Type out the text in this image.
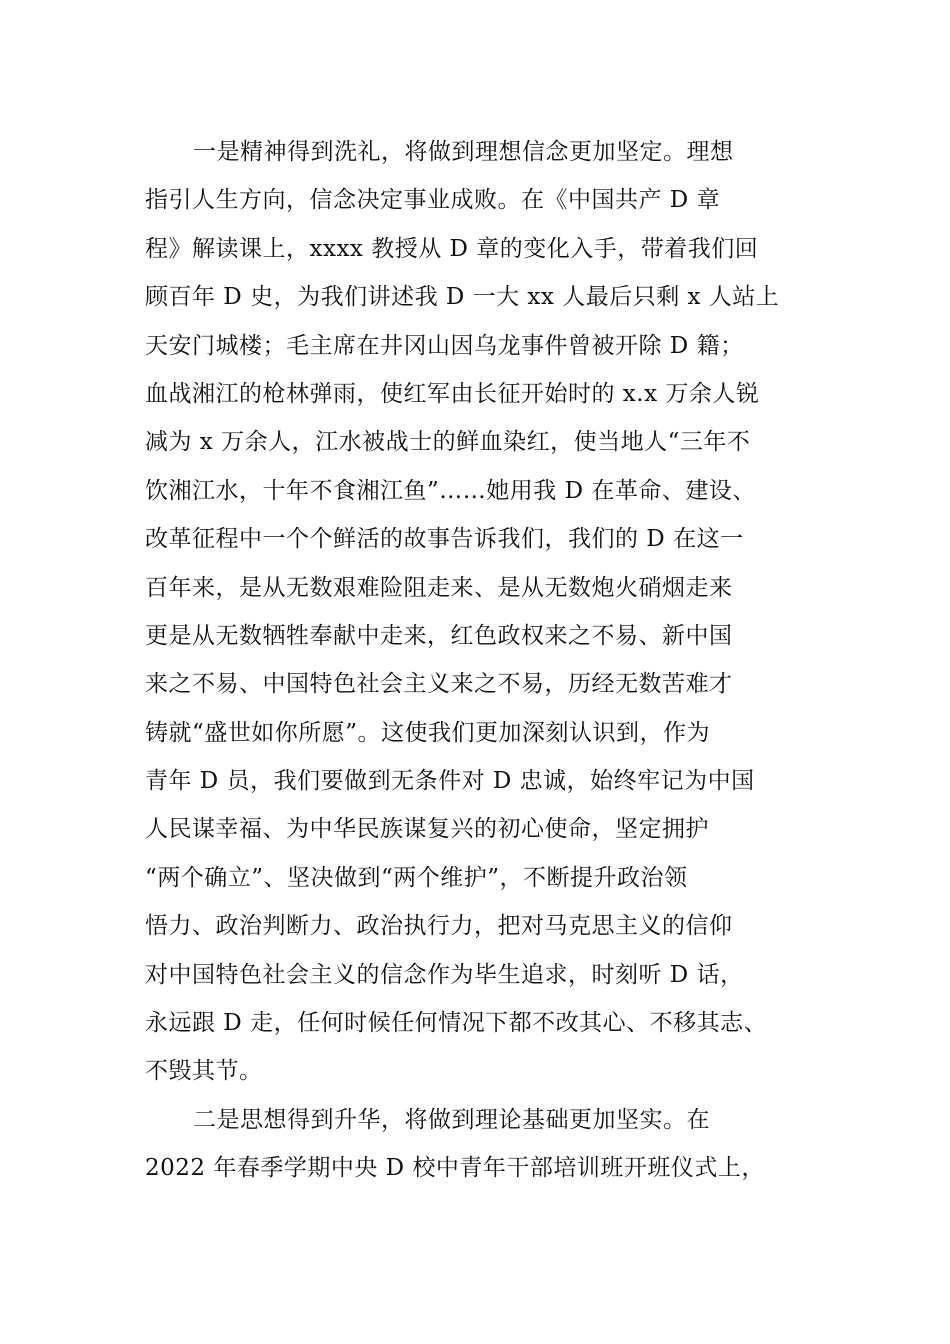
一是精神得到洗礼，将做到理想信念更加坚定。理想
指引人生方向，信念决定事业成败。在《中国共产 D 章
程》解读课上，xxxx 教授从 D 章的变化入手，带着我们回
顾百年 D 史，为我们讲述我 D 一大 xx 人最后只剩 x 人站上
天安门城楼；毛主席在井冈山因乌龙事件曾被开除 D 籍；
血战湘江的枪林弹雨，使红军由长征开始时的 x.x 万余人锐
减为 x 万余人，江水被战士的鲜血染红，使当地人“三年不
饮湘江水，十年不食湘江鱼”……她用我 D 在革命、建设、
改革征程中一个个鲜活的故事告诉我们，我们的 D 在这一
百年来，是从无数艰难险阻走来、是从无数炮火硝烟走来
更是从无数牺牲奉献中走来，红色政权来之不易、新中国
来之不易、中国特色社会主义来之不易，历经无数苦难才
铸就“盛世如你所愿”。这使我们更加深刻认识到，作为
青年 D 员，我们要做到无条件对 D 忠诚，始终牢记为中国
人民谋幸福、为中华民族谋复兴的初心使命，坚定拥护
“两个确立”、坚决做到“两个维护”，不断提升政治领
悟力、政治判断力、政治执行力，把对马克思主义的信仰
对中国特色社会主义的信念作为毕生追求，时刻听 D 话，
永远跟 D 走，任何时候任何情况下都不改其心、不移其志、
不毁其节。
二是思想得到升华，将做到理论基础更加坚实。在
2022 年春季学期中央 D 校中青年干部培训班开班仪式上，
